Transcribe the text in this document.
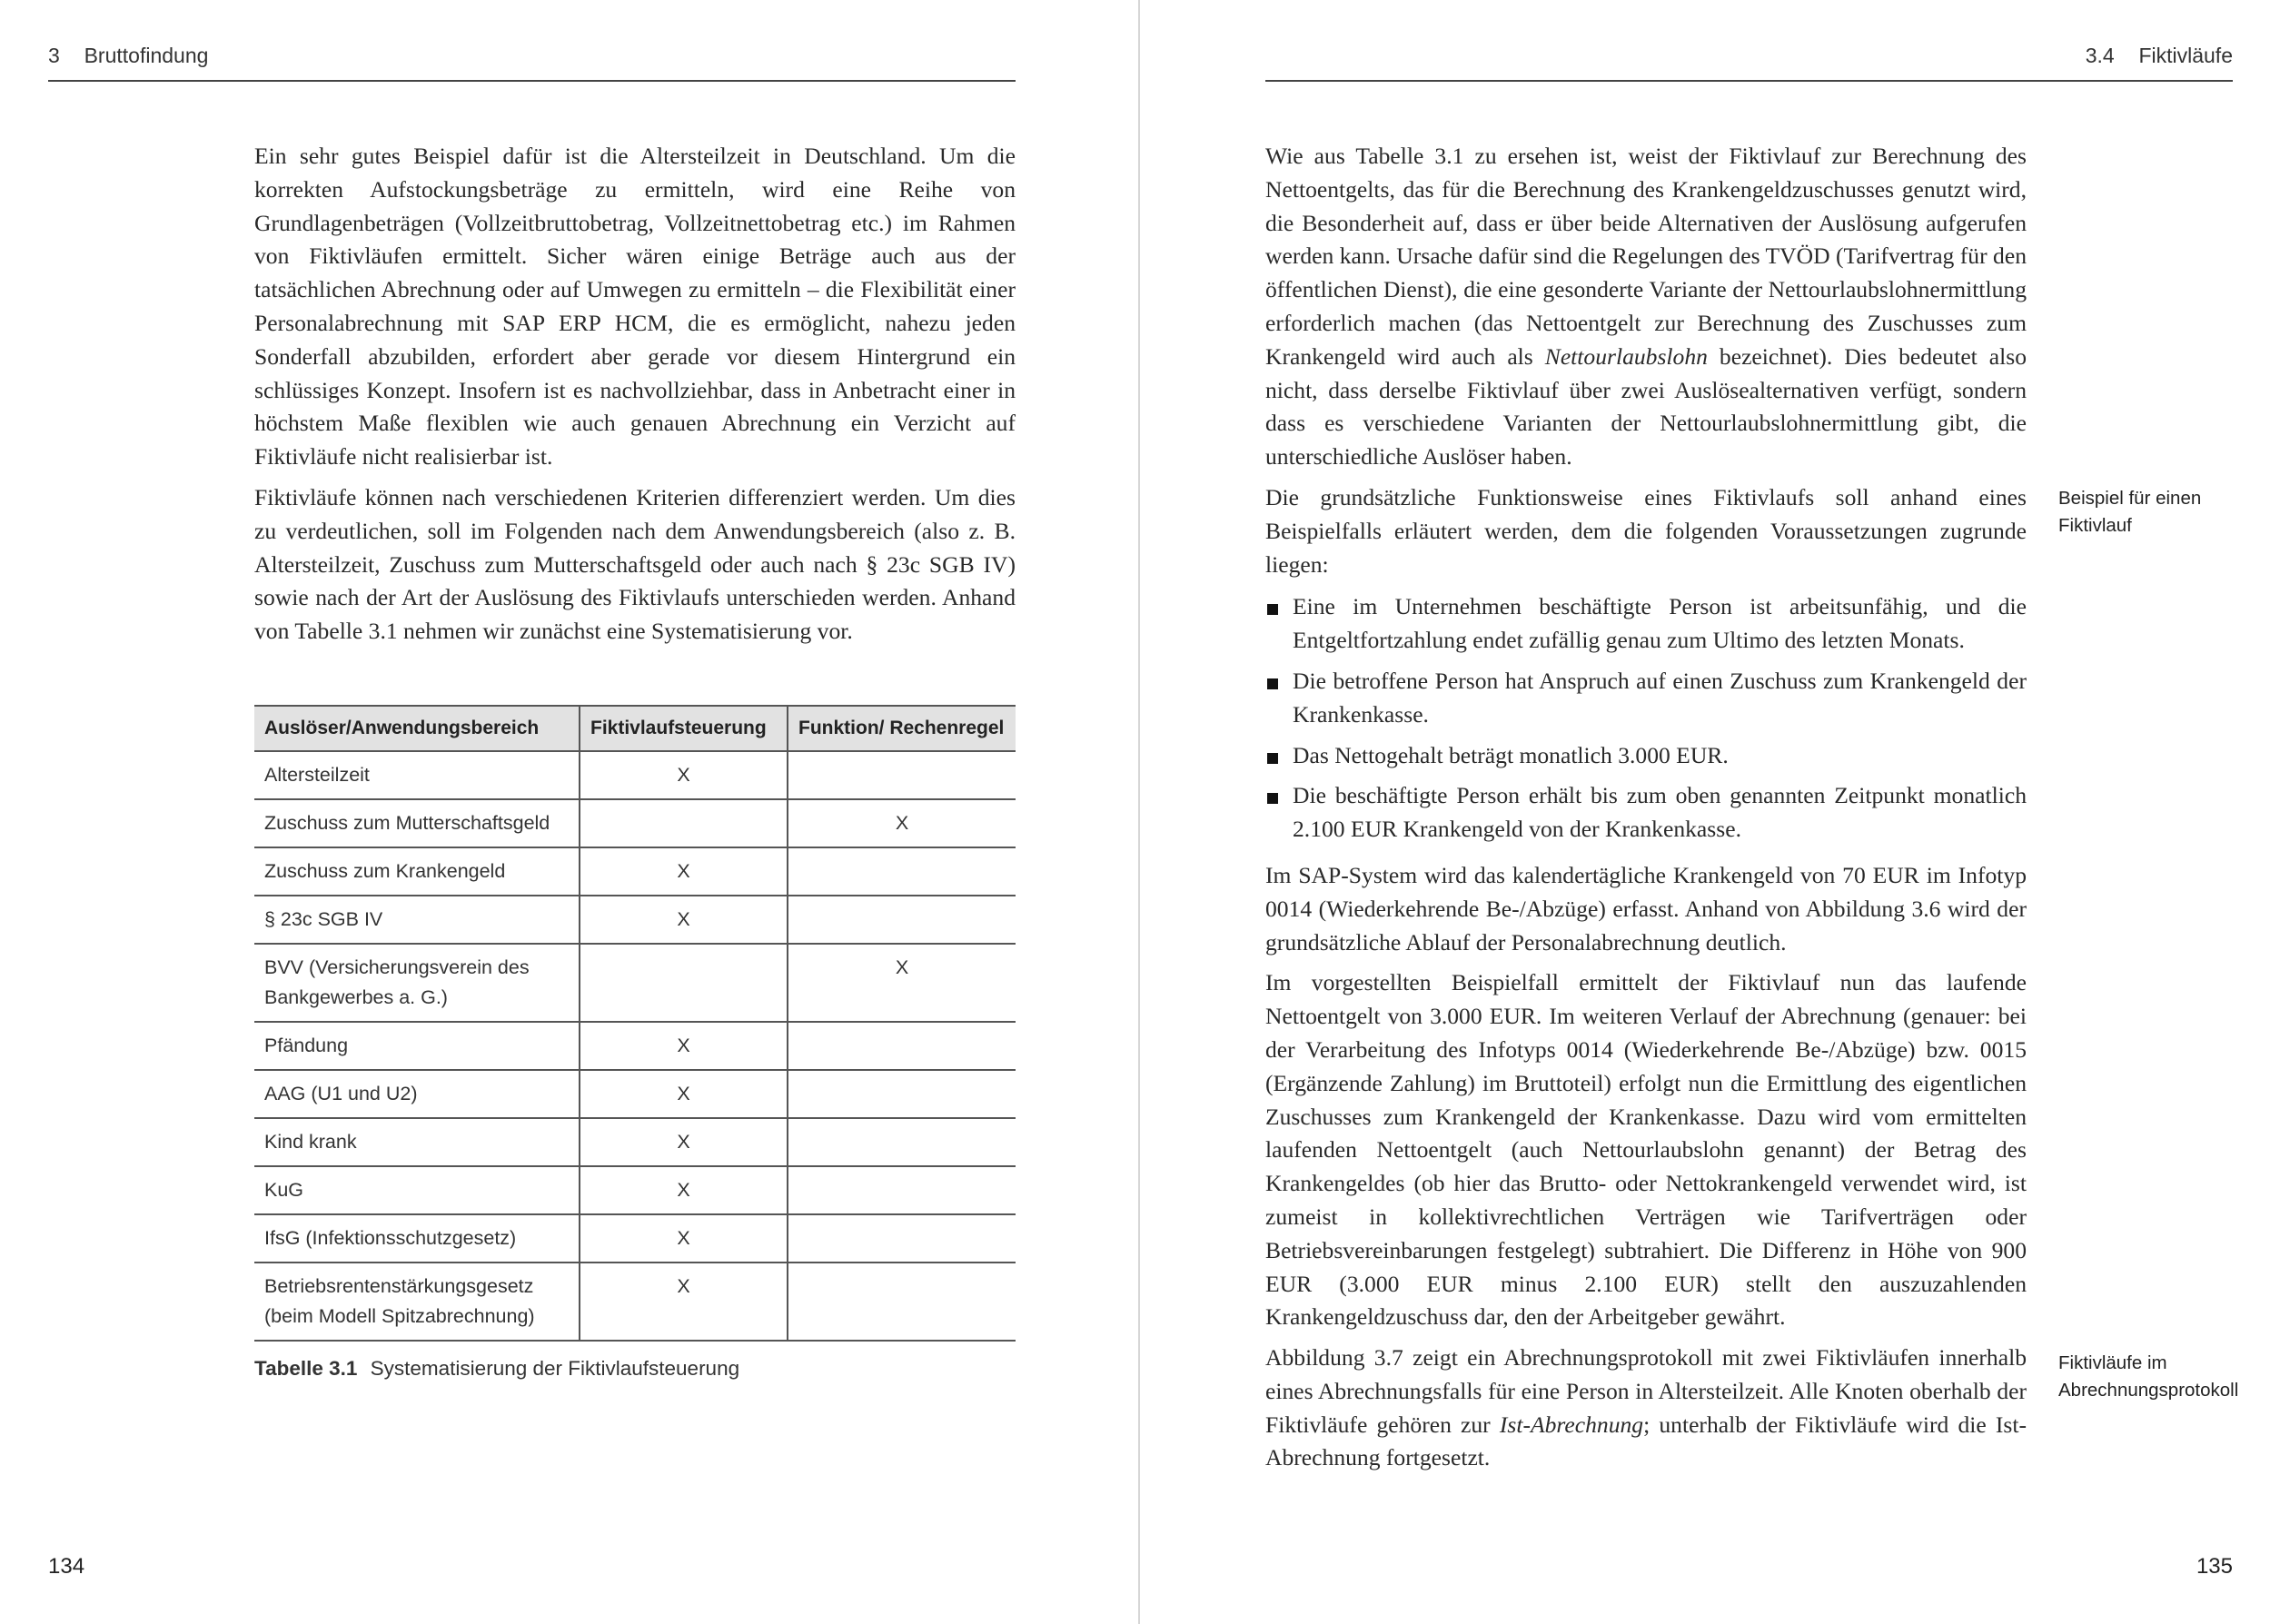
3 Bruttofindung

Ein sehr gutes Beispiel dafür ist die Altersteilzeit in Deutschland. Um die korrekten Aufstockungsbeträge zu ermitteln, wird eine Reihe von Grundlagenbeträgen (Vollzeitbruttobetrag, Vollzeitnettobetrag etc.) im Rahmen von Fiktivläufen ermittelt. Sicher wären einige Beträge auch aus der tatsächlichen Abrechnung oder auf Umwegen zu ermitteln – die Flexibilität einer Personalabrechnung mit SAP ERP HCM, die es ermöglicht, nahezu jeden Sonderfall abzubilden, erfordert aber gerade vor diesem Hintergrund ein schlüssiges Konzept. Insofern ist es nachvollziehbar, dass in Anbetracht einer in höchstem Maße flexiblen wie auch genauen Abrechnung ein Verzicht auf Fiktivläufe nicht realisierbar ist.

Fiktivläufe können nach verschiedenen Kriterien differenziert werden. Um dies zu verdeutlichen, soll im Folgenden nach dem Anwendungsbereich (also z. B. Altersteilzeit, Zuschuss zum Mutterschaftsgeld oder auch nach § 23c SGB IV) sowie nach der Art der Auslösung des Fiktivlaufs unterschieden werden. Anhand von Tabelle 3.1 nehmen wir zunächst eine Systematisierung vor.

Auslöser/Anwendungsbereich	Fiktivlaufsteuerung	Funktion/ Rechenregel
Altersteilzeit	X	
Zuschuss zum Mutterschaftsgeld		X
Zuschuss zum Krankengeld	X	
§ 23c SGB IV	X	
BVV (Versicherungsverein des Bankgewerbes a. G.)		X
Pfändung	X	
AAG (U1 und U2)	X	
Kind krank	X	
KuG	X	
IfsG (Infektionsschutzgesetz)	X	
Betriebsrentenstärkungsgesetz (beim Modell Spitzabrechnung)	X	
Tabelle 3.1 Systematisierung der Fiktivlaufsteuerung
134
3.4 Fiktivläufe

Wie aus Tabelle 3.1 zu ersehen ist, weist der Fiktivlauf zur Berechnung des Nettoentgelts, das für die Berechnung des Krankengeldzuschusses genutzt wird, die Besonderheit auf, dass er über beide Alternativen der Auslösung aufgerufen werden kann. Ursache dafür sind die Regelungen des TVÖD (Tarifvertrag für den öffentlichen Dienst), die eine gesonderte Variante der Nettourlaubslohnermittlung erforderlich machen (das Nettoentgelt zur Berechnung des Zuschusses zum Krankengeld wird auch als Nettourlaubslohn bezeichnet). Dies bedeutet also nicht, dass derselbe Fiktivlauf über zwei Auslösealternativen verfügt, sondern dass es verschiedene Varianten der Nettourlaubslohnermittlung gibt, die unterschiedliche Auslöser haben.

Die grundsätzliche Funktionsweise eines Fiktivlaufs soll anhand eines Beispielfalls erläutert werden, dem die folgenden Voraussetzungen zugrunde liegen:

Eine im Unternehmen beschäftigte Person ist arbeitsunfähig, und die Entgeltfortzahlung endet zufällig genau zum Ultimo des letzten Monats.
Die betroffene Person hat Anspruch auf einen Zuschuss zum Krankengeld der Krankenkasse.
Das Nettogehalt beträgt monatlich 3.000 EUR.
Die beschäftigte Person erhält bis zum oben genannten Zeitpunkt monatlich 2.100 EUR Krankengeld von der Krankenkasse.

Im SAP-System wird das kalendertägliche Krankengeld von 70 EUR im Infotyp 0014 (Wiederkehrende Be-/Abzüge) erfasst. Anhand von Abbildung 3.6 wird der grundsätzliche Ablauf der Personalabrechnung deutlich.

Im vorgestellten Beispielfall ermittelt der Fiktivlauf nun das laufende Nettoentgelt von 3.000 EUR. Im weiteren Verlauf der Abrechnung (genauer: bei der Verarbeitung des Infotyps 0014 (Wiederkehrende Be-/Abzüge) bzw. 0015 (Ergänzende Zahlung) im Bruttoteil) erfolgt nun die Ermittlung des eigentlichen Zuschusses zum Krankengeld der Krankenkasse. Dazu wird vom ermittelten laufenden Nettoentgelt (auch Nettourlaubslohn genannt) der Betrag des Krankengeldes (ob hier das Brutto- oder Nettokrankengeld verwendet wird, ist zumeist in kollektivrechtlichen Verträgen wie Tarifverträgen oder Betriebsvereinbarungen festgelegt) subtrahiert. Die Differenz in Höhe von 900 EUR (3.000 EUR minus 2.100 EUR) stellt den auszuzahlenden Krankengeldzuschuss dar, den der Arbeitgeber gewährt.

Abbildung 3.7 zeigt ein Abrechnungsprotokoll mit zwei Fiktivläufen innerhalb eines Abrechnungsfalls für eine Person in Altersteilzeit. Alle Knoten oberhalb der Fiktivläufe gehören zur Ist-Abrechnung; unterhalb der Fiktivläufe wird die Ist-Abrechnung fortgesetzt.

Beispiel für einen Fiktivlauf
Fiktivläufe im Abrechnungsprotokoll
135
